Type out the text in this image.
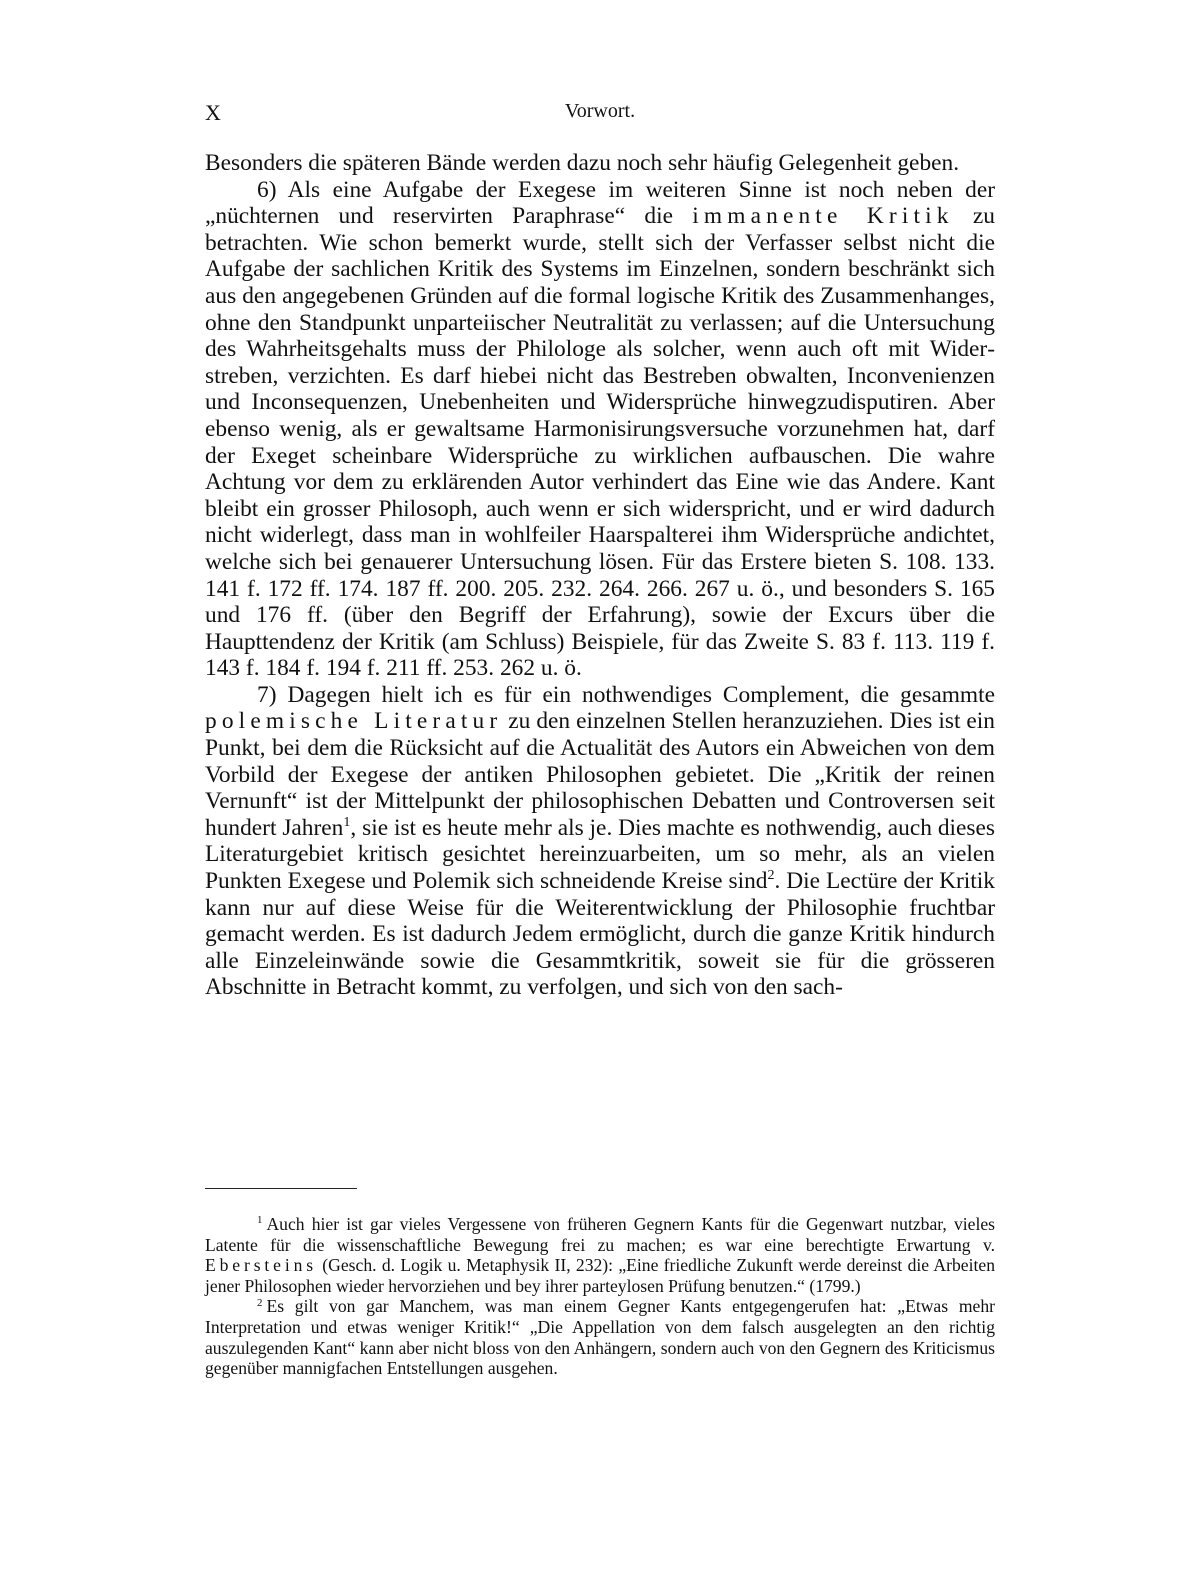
X	Vorwort.

Besonders die späteren Bände werden dazu noch sehr häufig Gelegenheit geben.

6) Als eine Aufgabe der Exegese im weiteren Sinne ist noch neben der „nüchternen und reservirten Paraphrase“ die immanente Kritik zu betrachten. Wie schon bemerkt wurde, stellt sich der Verfasser selbst nicht die Aufgabe der sachlichen Kritik des Systems im Einzelnen, sondern beschränkt sich aus den angegebenen Gründen auf die formal logische Kritik des Zusammenhanges, ohne den Standpunkt unparteiischer Neutralität zu verlassen; auf die Untersuchung des Wahrheitsgehalts muss der Philologe als solcher, wenn auch oft mit Widerstreben, verzichten. Es darf hiebei nicht das Bestreben obwalten, Inconvenienzen und Inconsequenzen, Unebenheiten und Widersprüche hinwegzudisputiren. Aber ebenso wenig, als er gewaltsame Harmonisirungsversuche vorzunehmen hat, darf der Exeget scheinbare Widersprüche zu wirklichen aufbauschen. Die wahre Achtung vor dem zu erklärenden Autor verhindert das Eine wie das Andere. Kant bleibt ein grosser Philosoph, auch wenn er sich widerspricht, und er wird dadurch nicht widerlegt, dass man in wohlfeiler Haarspalterei ihm Widersprüche andichtet, welche sich bei genauerer Untersuchung lösen. Für das Erstere bieten S. 108. 133. 141 f. 172 ff. 174. 187 ff. 200. 205. 232. 264. 266. 267 u. ö., und besonders S. 165 und 176 ff. (über den Begriff der Erfahrung), sowie der Excurs über die Haupttendenz der Kritik (am Schluss) Beispiele, für das Zweite S. 83 f. 113. 119 f. 143 f. 184 f. 194 f. 211 ff. 253. 262 u. ö.

7) Dagegen hielt ich es für ein nothwendiges Complement, die gesammte polemische Literatur zu den einzelnen Stellen heranzuziehen. Dies ist ein Punkt, bei dem die Rücksicht auf die Actualität des Autors ein Abweichen von dem Vorbild der Exegese der antiken Philosophen gebietet. Die „Kritik der reinen Vernunft“ ist der Mittelpunkt der philosophischen Debatten und Controversen seit hundert Jahren$^1$, sie ist es heute mehr als je. Dies machte es nothwendig, auch dieses Literaturgebiet kritisch gesichtet hereinzuarbeiten, um so mehr, als an vielen Punkten Exegese und Polemik sich schneidende Kreise sind$^2$. Die Lectüre der Kritik kann nur auf diese Weise für die Weiterentwicklung der Philosophie fruchtbar gemacht werden. Es ist dadurch Jedem ermöglicht, durch die ganze Kritik hindurch alle Einzeleinwände sowie die Gesammtkritik, soweit sie für die grösseren Abschnitte in Betracht kommt, zu verfolgen, und sich von den sach-

$^1$ Auch hier ist gar vieles Vergessene von früheren Gegnern Kants für die Gegenwart nutzbar, vieles Latente für die wissenschaftliche Bewegung frei zu machen; es war eine berechtigte Erwartung v. Ebersteins (Gesch. d. Logik u. Metaphysik II, 232): „Eine friedliche Zukunft werde dereinst die Arbeiten jener Philosophen wieder hervorziehen und bey ihrer parteylosen Prüfung benutzen.“ (1799.)

$^2$ Es gilt von gar Manchem, was man einem Gegner Kants entgegengerufen hat: „Etwas mehr Interpretation und etwas weniger Kritik!“ „Die Appellation von dem falsch ausgelegten an den richtig auszulegenden Kant“ kann aber nicht bloss von den Anhängern, sondern auch von den Gegnern des Kriticismus gegenüber mannigfachen Entstellungen ausgehen.
